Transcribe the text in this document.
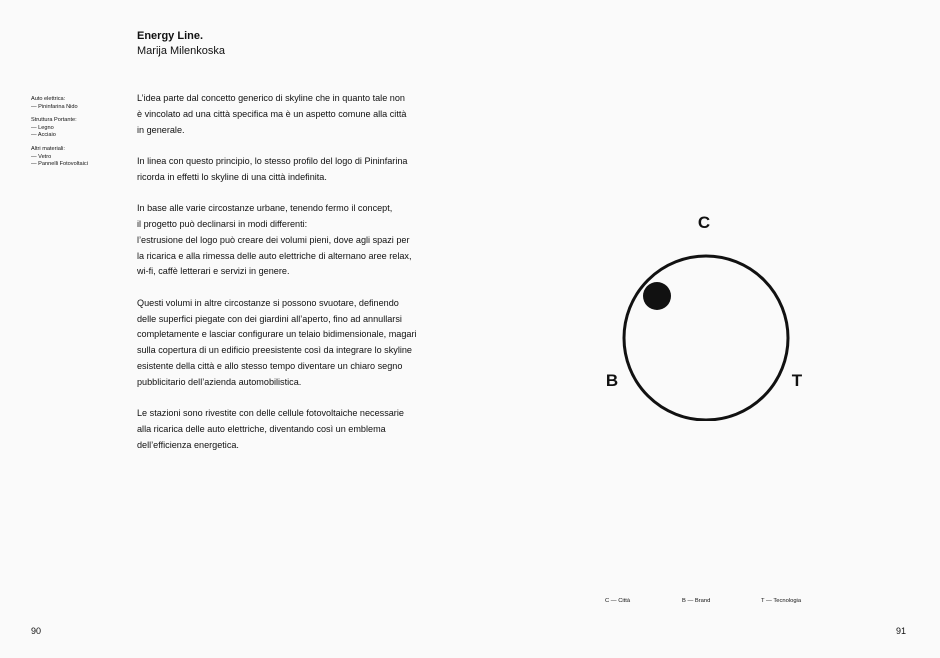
Energy Line.
Marija Milenkoska
Auto elettrica:
— Pininfarina Nido
Struttura Portante:
— Legno
— Acciaio
Altri materiali:
— Vetro
— Pannelli Fotovoltaici

L’idea parte dal concetto generico di skyline che in quanto tale non
è vincolato ad una città specifica ma è un aspetto comune alla città
in generale.

In linea con questo principio, lo stesso profilo del logo di Pininfarina
ricorda in effetti lo skyline di una città indefinita.

In base alle varie circostanze urbane, tenendo fermo il concept,
il progetto può declinarsi in modi differenti:
l’estrusione del logo può creare dei volumi pieni, dove agli spazi per
la ricarica e alla rimessa delle auto elettriche di alternano aree relax,
wi-fi, caffè letterari e servizi in genere.

Questi volumi in altre circostanze si possono svuotare, definendo
delle superfici piegate con dei giardini all’aperto, fino ad annullarsi
completamente e lasciar configurare un telaio bidimensionale, magari
sulla copertura di un edificio preesistente così da integrare lo skyline
esistente della città e allo stesso tempo diventare un chiaro segno
pubblicitario dell’azienda automobilistica.

Le stazioni sono rivestite con delle cellule fotovoltaiche necessarie
alla ricarica delle auto elettriche, diventando così un emblema
dell’efficienza energetica.

C
B	T
C — Città	B — Brand	T — Tecnologia
90	91
